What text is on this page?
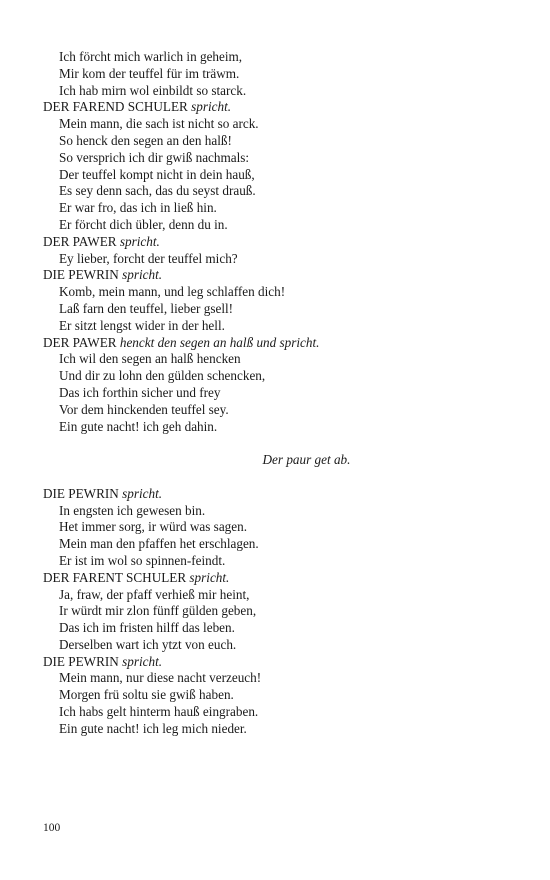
Ich förcht mich warlich in geheim,
Mir kom der teuffel für im träwm.
Ich hab mirn wol einbildt so starck.
DER FAREND SCHULER spricht.
Mein mann, die sach ist nicht so arck.
So henck den segen an den halß!
So versprich ich dir gwiß nachmals:
Der teuffel kompt nicht in dein hauß,
Es sey denn sach, das du seyst drauß.
Er war fro, das ich in ließ hin.
Er förcht dich übler, denn du in.
DER PAWER spricht.
Ey lieber, forcht der teuffel mich?
DIE PEWRIN spricht.
Komb, mein mann, und leg schlaffen dich!
Laß farn den teuffel, lieber gsell!
Er sitzt lengst wider in der hell.
DER PAWER henckt den segen an halß und spricht.
Ich wil den segen an halß hencken
Und dir zu lohn den gülden schencken,
Das ich forthin sicher und frey
Vor dem hinckenden teuffel sey.
Ein gute nacht! ich geh dahin.
Der paur get ab.
DIE PEWRIN spricht.
In engsten ich gewesen bin.
Het immer sorg, ir würd was sagen.
Mein man den pfaffen het erschlagen.
Er ist im wol so spinnen-feindt.
DER FARENT SCHULER spricht.
Ja, fraw, der pfaff verhieß mir heint,
Ir würdt mir zlon fünff gülden geben,
Das ich im fristen hilff das leben.
Derselben wart ich ytzt von euch.
DIE PEWRIN spricht.
Mein mann, nur diese nacht verzeuch!
Morgen frü soltu sie gwiß haben.
Ich habs gelt hinterm hauß eingraben.
Ein gute nacht! ich leg mich nieder.
100
